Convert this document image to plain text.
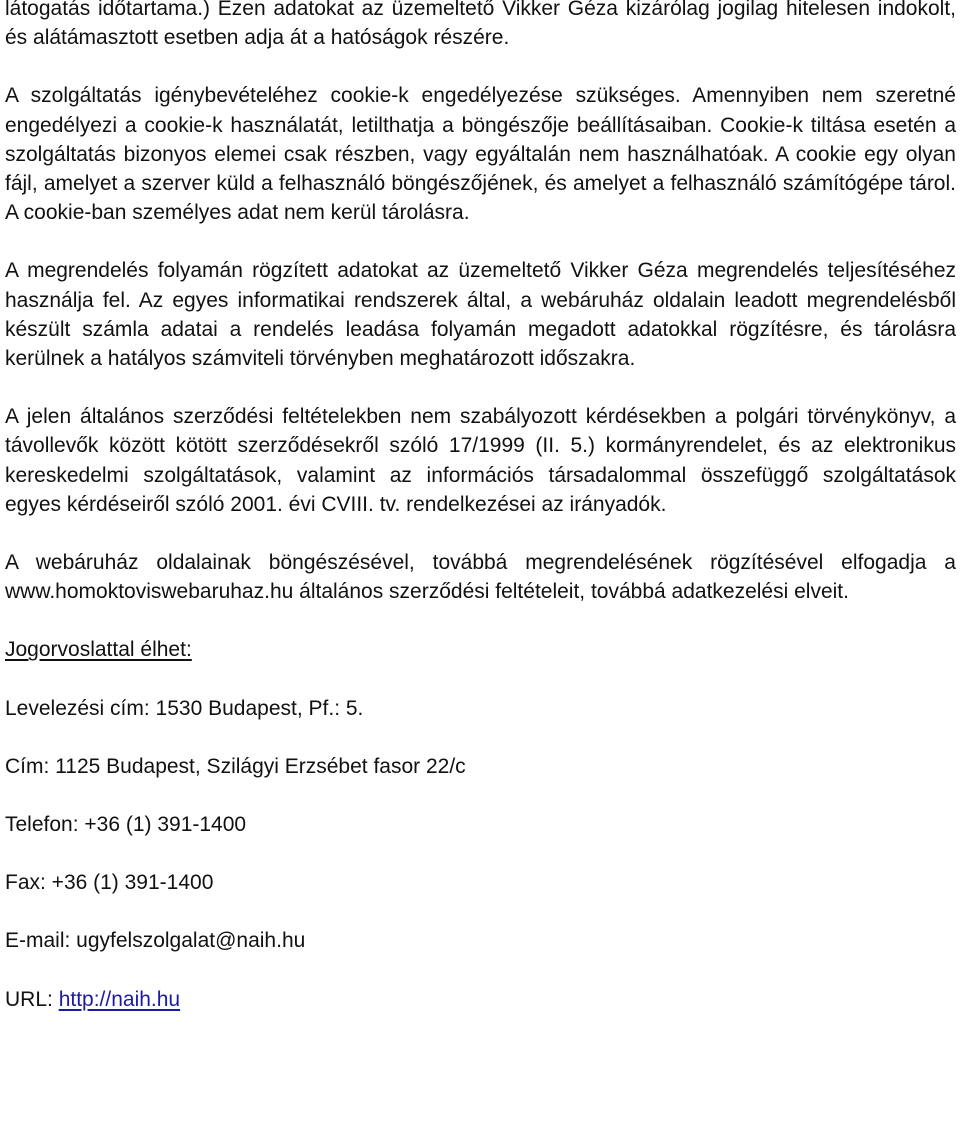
látogatás időtartama.) Ezen adatokat az üzemeltető Vikker Géza kizárólag jogilag hitelesen indokolt, és alátámasztott esetben adja át a hatóságok részére.

A szolgáltatás igénybevételéhez cookie-k engedélyezése szükséges. Amennyiben nem szeretné engedélyezi a cookie-k használatát, letilthatja a böngészője beállításaiban. Cookie-k tiltása esetén a szolgáltatás bizonyos elemei csak részben, vagy egyáltalán nem használhatóak. A cookie egy olyan fájl, amelyet a szerver küld a felhasználó böngészőjének, és amelyet a felhasználó számítógépe tárol. A cookie-ban személyes adat nem kerül tárolásra.

A megrendelés folyamán rögzített adatokat az üzemeltető Vikker Géza megrendelés teljesítéséhez használja fel. Az egyes informatikai rendszerek által, a webáruház oldalain leadott megrendelésből készült számla adatai a rendelés leadása folyamán megadott adatokkal rögzítésre, és tárolásra kerülnek a hatályos számviteli törvényben meghatározott időszakra.

A jelen általános szerződési feltételekben nem szabályozott kérdésekben a polgári törvénykönyv, a távollevők között kötött szerződésekről szóló 17/1999 (II. 5.) kormányrendelet, és az elektronikus kereskedelmi szolgáltatások, valamint az információs társadalommal összefüggő szolgáltatások egyes kérdéseiről szóló 2001. évi CVIII. tv. rendelkezései az irányadók.

A webáruház oldalainak böngészésével, továbbá megrendelésének rögzítésével elfogadja a www.homoktoviswebaruhaz.hu általános szerződési feltételeit, továbbá adatkezelési elveit.

Jogorvoslattal élhet:
Levelezési cím: 1530 Budapest, Pf.: 5.
Cím: 1125 Budapest, Szilágyi Erzsébet fasor 22/c
Telefon: +36 (1) 391-1400
Fax: +36 (1) 391-1400
E-mail: ugyfelszolgalat@naih.hu
URL: http://naih.hu
